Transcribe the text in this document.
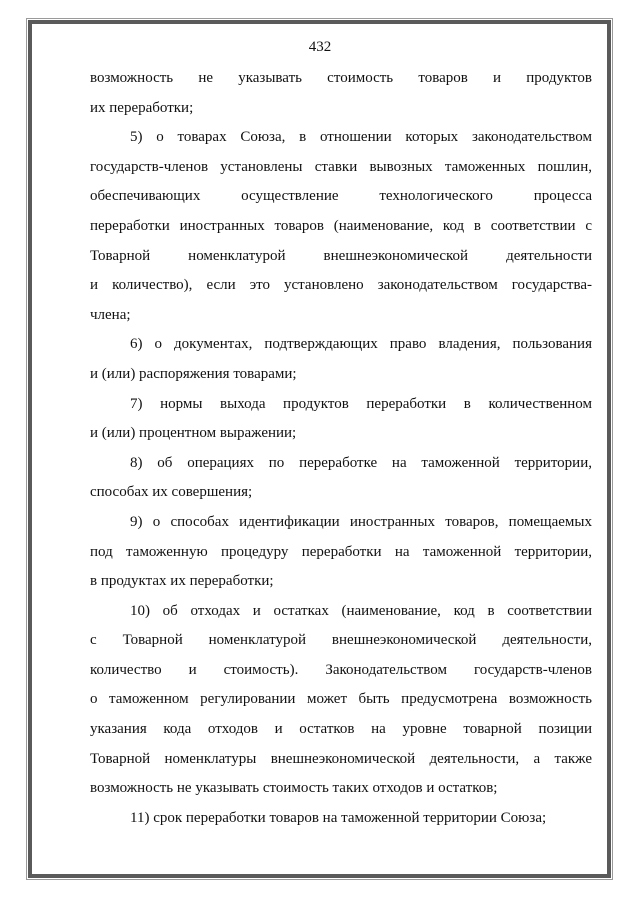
432
возможность не указывать стоимость товаров и продуктов
их переработки;
5) о товарах Союза, в отношении которых законодательством
государств-членов установлены ставки вывозных таможенных пошлин,
обеспечивающих осуществление технологического процесса
переработки иностранных товаров (наименование, код в соответствии с
Товарной номенклатурой внешнеэкономической деятельности
и количество), если это установлено законодательством государства-
члена;
6) о документах, подтверждающих право владения, пользования
и (или) распоряжения товарами;
7) нормы выхода продуктов переработки в количественном
и (или) процентном выражении;
8) об операциях по переработке на таможенной территории,
способах их совершения;
9) о способах идентификации иностранных товаров, помещаемых
под таможенную процедуру переработки на таможенной территории,
в продуктах их переработки;
10) об отходах и остатках (наименование, код в соответствии
с Товарной номенклатурой внешнеэкономической деятельности,
количество и стоимость). Законодательством государств-членов
о таможенном регулировании может быть предусмотрена возможность
указания кода отходов и остатков на уровне товарной позиции
Товарной номенклатуры внешнеэкономической деятельности, а также
возможность не указывать стоимость таких отходов и остатков;
11) срок переработки товаров на таможенной территории Союза;
